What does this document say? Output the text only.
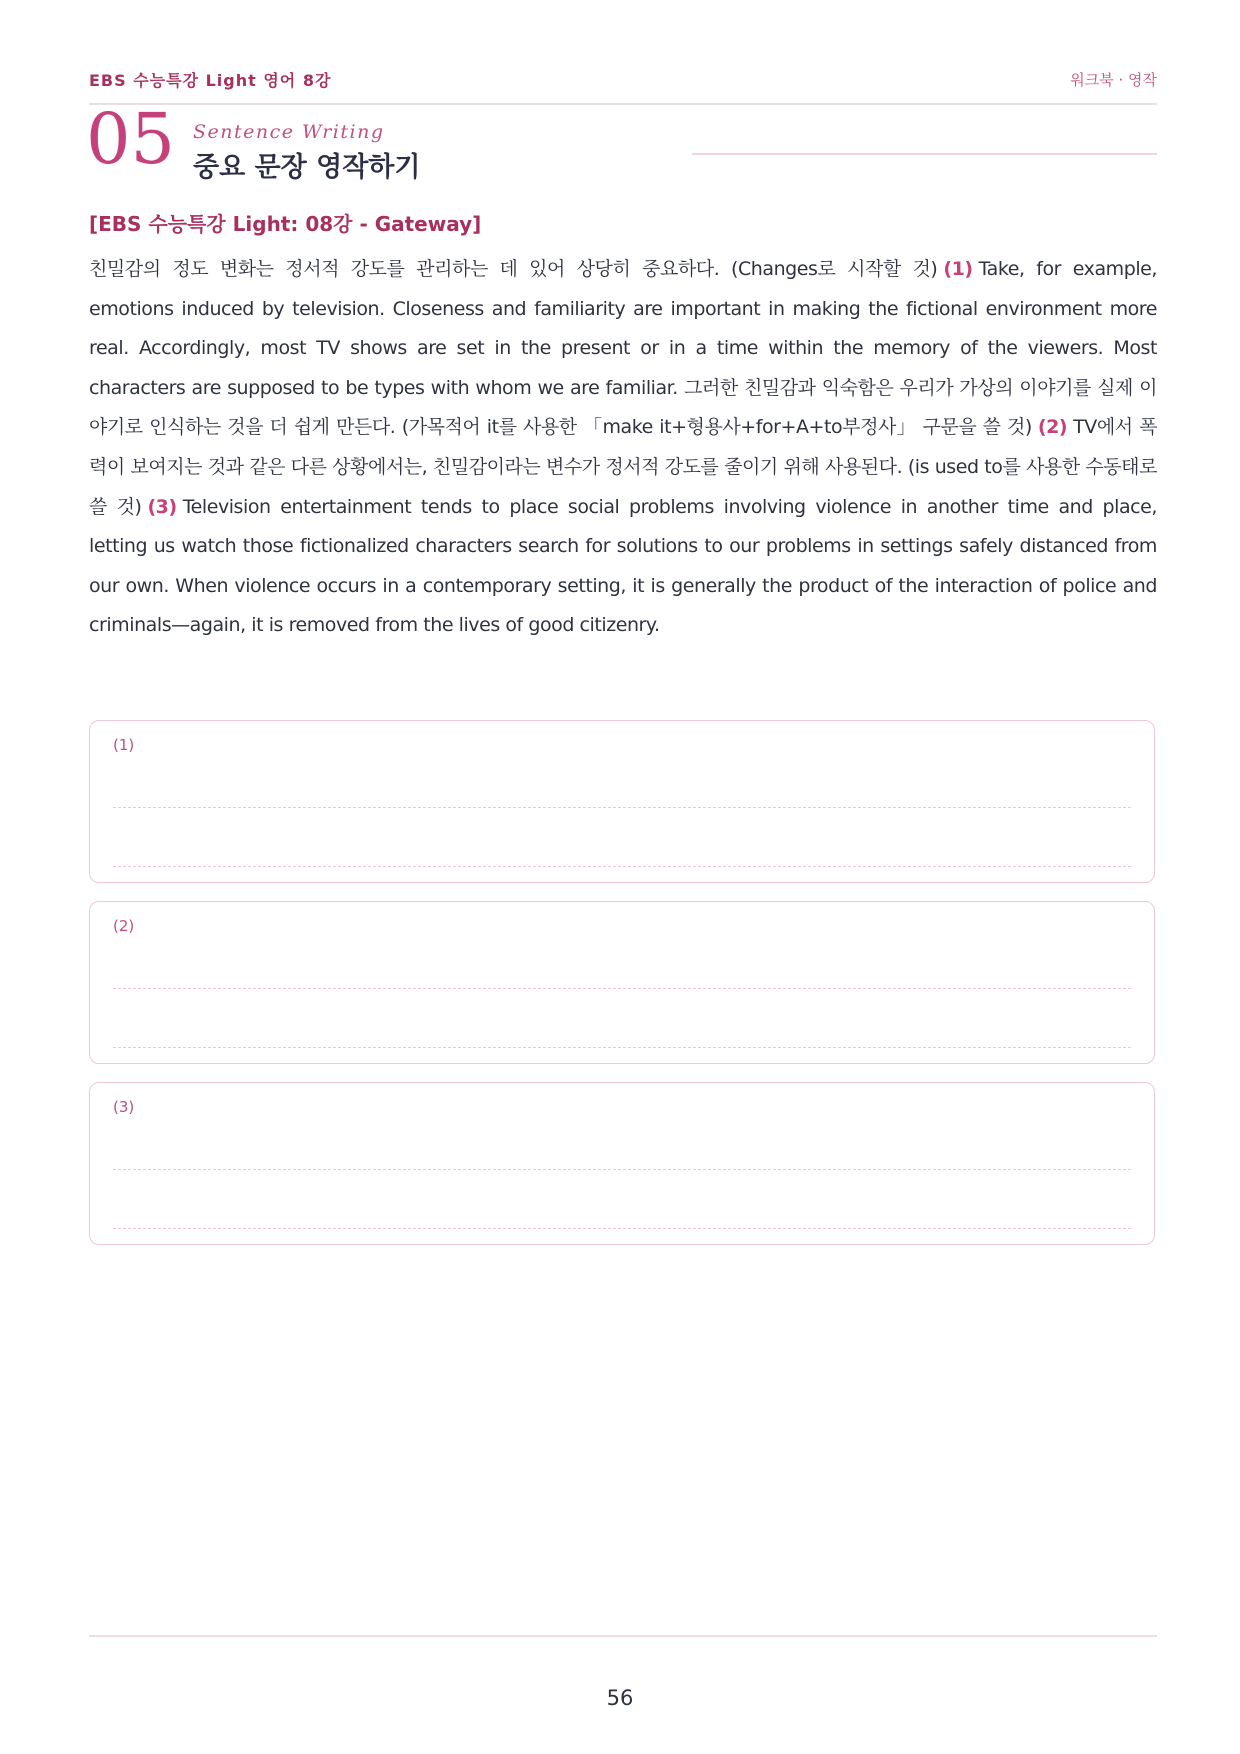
EBS 수능특강 Light 영어 8강	워크북 · 영작
05 Sentence Writing
중요 문장 영작하기
[EBS 수능특강 Light: 08강 - Gateway]

친밀감의 정도 변화는 정서적 강도를 관리하는 데 있어 상당히 중요하다. (Changes로 시작할 것) (1) Take, for example, emotions induced by television. Closeness and familiarity are important in making the fictional environment more real. Accordingly, most TV shows are set in the present or in a time within the memory of the viewers. Most characters are supposed to be types with whom we are familiar. 그러한 친밀감과 익숙함은 우리가 가상의 이야기를 실제 이야기로 인식하는 것을 더 쉽게 만든다. (가목적어 it를 사용한 「make it+형용사+for+A+to부정사」 구문을 쓸 것) (2) TV에서 폭력이 보여지는 것과 같은 다른 상황에서는, 친밀감이라는 변수가 정서적 강도를 줄이기 위해 사용된다. (is used to를 사용한 수동태로 쓸 것) (3) Television entertainment tends to place social problems involving violence in another time and place, letting us watch those fictionalized characters search for solutions to our problems in settings safely distanced from our own. When violence occurs in a contemporary setting, it is generally the product of the interaction of police and criminals—again, it is removed from the lives of good citizenry.

(1)
(2)
(3)
56
